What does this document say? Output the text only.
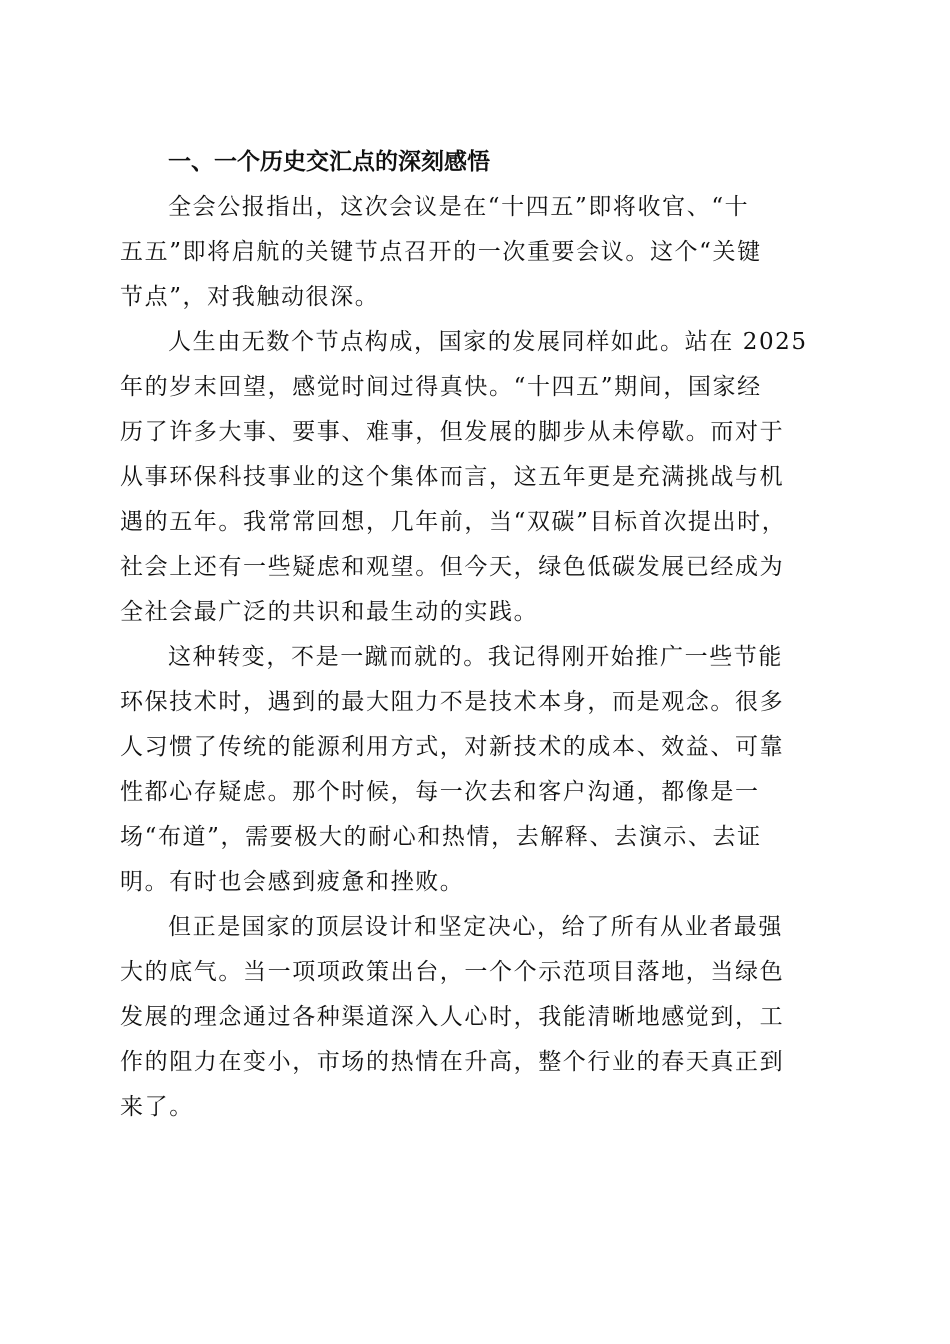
一、一个历史交汇点的深刻感悟
全会公报指出，这次会议是在“十四五”即将收官、“十
五五”即将启航的关键节点召开的一次重要会议。这个“关键
节点”，对我触动很深。
人生由无数个节点构成，国家的发展同样如此。站在 2025
年的岁末回望，感觉时间过得真快。“十四五”期间，国家经
历了许多大事、要事、难事，但发展的脚步从未停歇。而对于
从事环保科技事业的这个集体而言，这五年更是充满挑战与机
遇的五年。我常常回想，几年前，当“双碳”目标首次提出时，
社会上还有一些疑虑和观望。但今天，绿色低碳发展已经成为
全社会最广泛的共识和最生动的实践。
这种转变，不是一蹴而就的。我记得刚开始推广一些节能
环保技术时，遇到的最大阻力不是技术本身，而是观念。很多
人习惯了传统的能源利用方式，对新技术的成本、效益、可靠
性都心存疑虑。那个时候，每一次去和客户沟通，都像是一
场“布道”，需要极大的耐心和热情，去解释、去演示、去证
明。有时也会感到疲惫和挫败。
但正是国家的顶层设计和坚定决心，给了所有从业者最强
大的底气。当一项项政策出台，一个个示范项目落地，当绿色
发展的理念通过各种渠道深入人心时，我能清晰地感觉到，工
作的阻力在变小，市场的热情在升高，整个行业的春天真正到
来了。
